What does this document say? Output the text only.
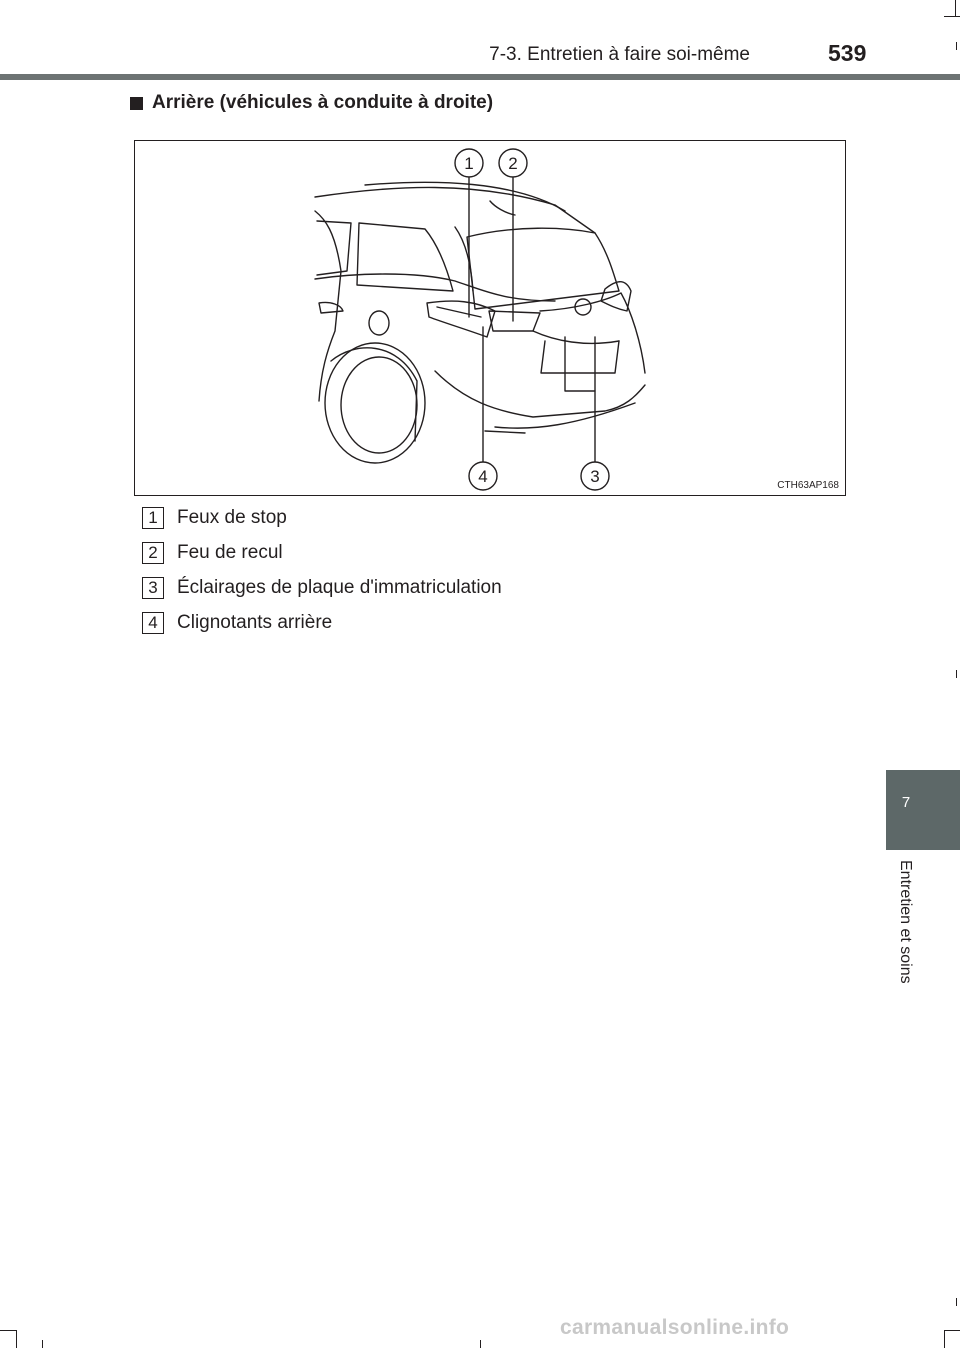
7-3. Entretien à faire soi-même	539
Arrière (véhicules à conduite à droite)
1 2
3
4	CTH63AP168
1	Feux de stop
2	Feu de recul
3	Éclairages de plaque d'immatriculation
4	Clignotants arrière
7
Entretien et soins
carmanualsonline.info
